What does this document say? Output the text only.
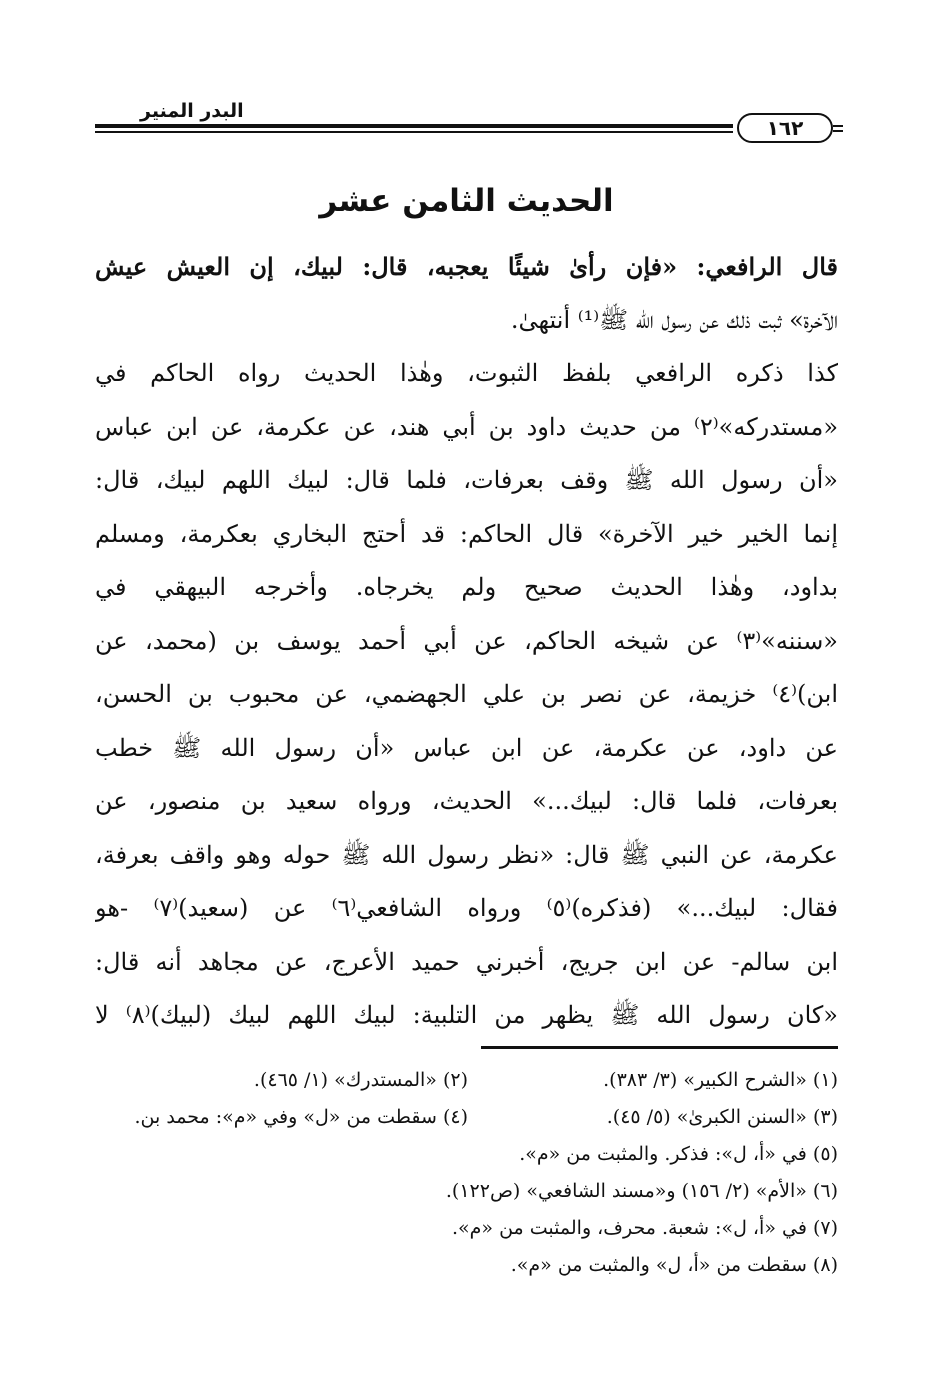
البدر المنير
١٦٢
الحديث الثامن عشر
قال الرافعي: «فإن رأىٰ شيئًا يعجبه، قال: لبيك، إن العيش عيش
الآخرة» ثبت ذلك عن رسول الله ﷺ⁽¹⁾ أنتهىٰ.
كذا ذكره الرافعي بلفظ الثبوت، وهٰذا الحديث رواه الحاكم في
«مستدركه»⁽٢⁾ من حديث داود بن أبي هند، عن عكرمة، عن ابن عباس
«أن رسول الله ﷺ وقف بعرفات، فلما قال: لبيك اللهم لبيك، قال:
إنما الخير خير الآخرة» قال الحاكم: قد أحتج البخاري بعكرمة، ومسلم
بداود، وهٰذا الحديث صحيح ولم يخرجاه. وأخرجه البيهقي في
«سننه»⁽٣⁾ عن شيخه الحاكم، عن أبي أحمد يوسف بن (محمد، عن
ابن)⁽٤⁾ خزيمة، عن نصر بن علي الجهضمي، عن محبوب بن الحسن،
عن داود، عن عكرمة، عن ابن عباس «أن رسول الله ﷺ خطب
بعرفات، فلما قال: لبيك...» الحديث، ورواه سعيد بن منصور، عن
عكرمة، عن النبي ﷺ قال: «نظر رسول الله ﷺ حوله وهو واقف بعرفة،
فقال: لبيك...» (فذكره)⁽٥⁾ ورواه الشافعي⁽٦⁾ عن (سعيد)⁽٧⁾ -هو
ابن سالم- عن ابن جريج، أخبرني حميد الأعرج، عن مجاهد أنه قال:
«كان رسول الله ﷺ يظهر من التلبية: لبيك اللهم لبيك (لبيك)⁽٨⁾ لا
(١) «الشرح الكبير» (٣/ ٣٨٣).
(٢) «المستدرك» (١/ ٤٦٥).
(٣) «السنن الكبرىٰ» (٥/ ٤٥).
(٤) سقطت من «ل» وفي «م»: محمد بن.
(٥) في «أ، ل»: فذكر. والمثبت من «م».
(٦) «الأم» (٢/ ١٥٦) و«مسند الشافعي» (ص١٢٢).
(٧) في «أ، ل»: شعبة. محرف، والمثبت من «م».
(٨) سقطت من «أ، ل» والمثبت من «م».
